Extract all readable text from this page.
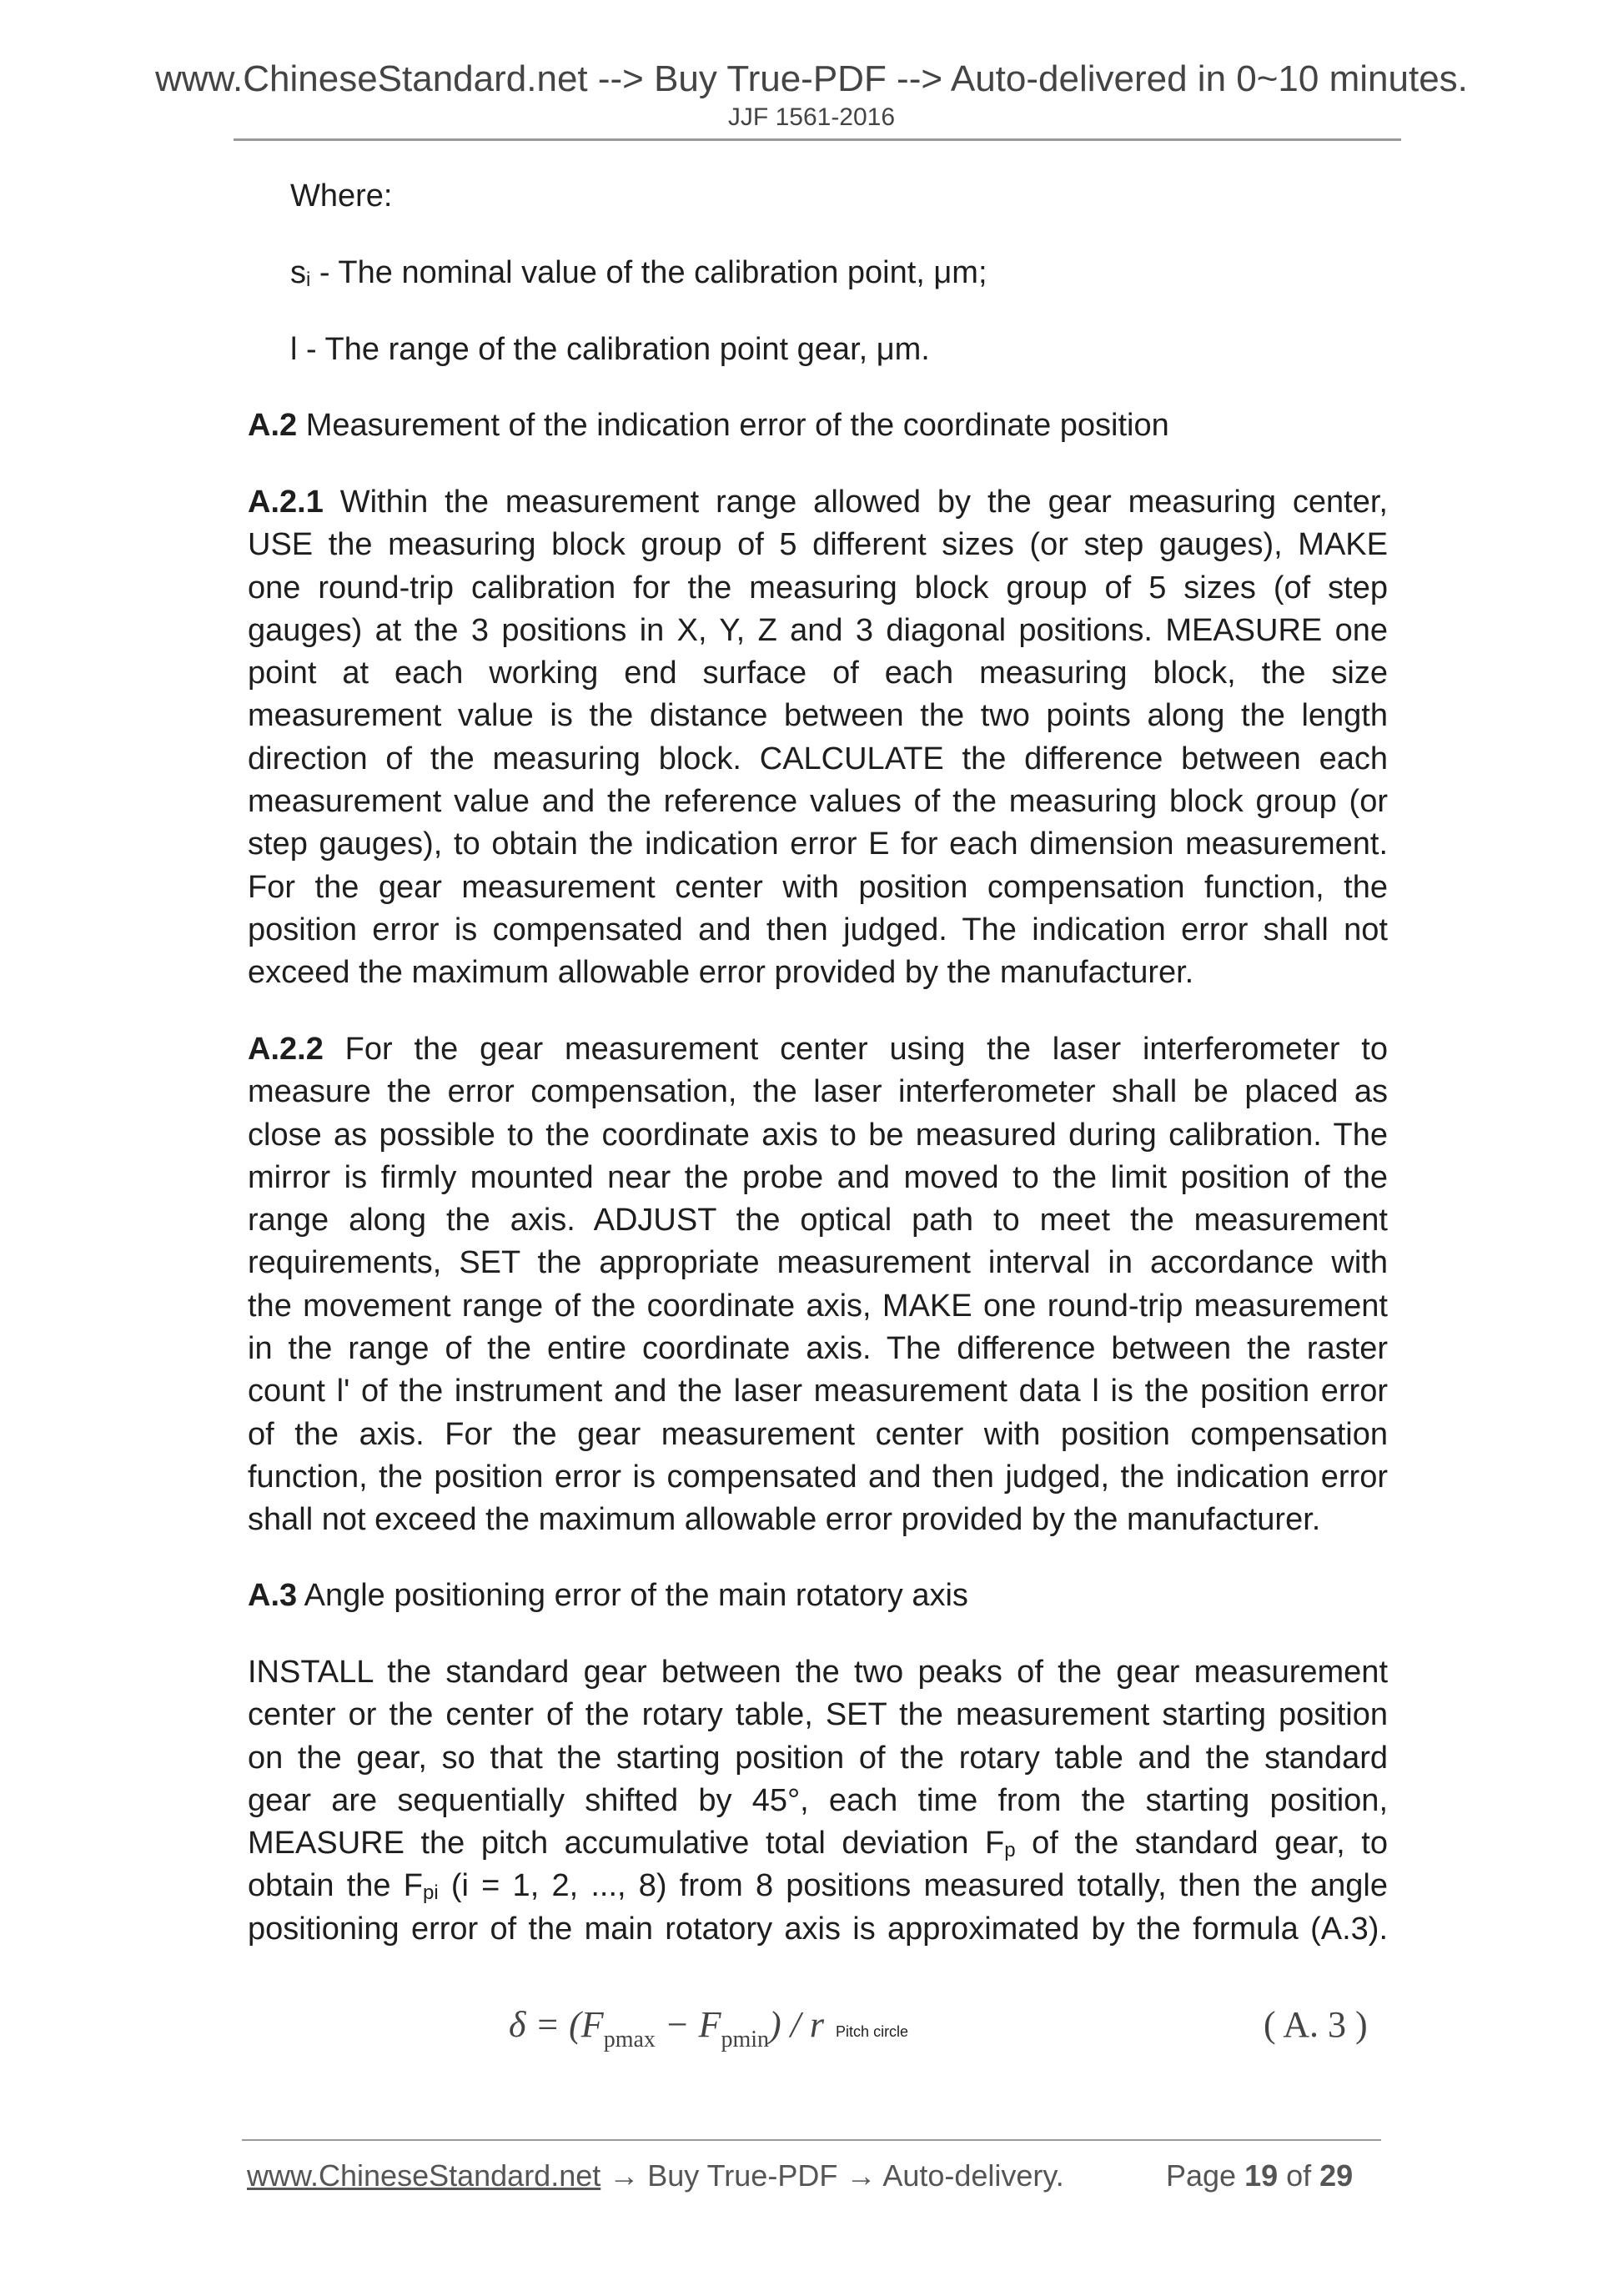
www.ChineseStandard.net --> Buy True-PDF --> Auto-delivered in 0~10 minutes.
JJF 1561-2016
Where:
$s_i$ - The nominal value of the calibration point, μm;
l - The range of the calibration point gear, μm.
A.2 Measurement of the indication error of the coordinate position
A.2.1 Within the measurement range allowed by the gear measuring center,
USE the measuring block group of 5 different sizes (or step gauges), MAKE
one round-trip calibration for the measuring block group of 5 sizes (of step
gauges) at the 3 positions in X, Y, Z and 3 diagonal positions. MEASURE one
point at each working end surface of each measuring block, the size
measurement value is the distance between the two points along the length
direction of the measuring block. CALCULATE the difference between each
measurement value and the reference values of the measuring block group (or
step gauges), to obtain the indication error E for each dimension measurement.
For the gear measurement center with position compensation function, the
position error is compensated and then judged. The indication error shall not
exceed the maximum allowable error provided by the manufacturer.
A.2.2 For the gear measurement center using the laser interferometer to
measure the error compensation, the laser interferometer shall be placed as
close as possible to the coordinate axis to be measured during calibration. The
mirror is firmly mounted near the probe and moved to the limit position of the
range along the axis. ADJUST the optical path to meet the measurement
requirements, SET the appropriate measurement interval in accordance with
the movement range of the coordinate axis, MAKE one round-trip measurement
in the range of the entire coordinate axis. The difference between the raster
count l' of the instrument and the laser measurement data l is the position error
of the axis. For the gear measurement center with position compensation
function, the position error is compensated and then judged, the indication error
shall not exceed the maximum allowable error provided by the manufacturer.
A.3 Angle positioning error of the main rotatory axis
INSTALL the standard gear between the two peaks of the gear measurement
center or the center of the rotary table, SET the measurement starting position
on the gear, so that the starting position of the rotary table and the standard
gear are sequentially shifted by 45°, each time from the starting position,
MEASURE the pitch accumulative total deviation $F_p$ of the standard gear, to
obtain the $F_{pi}$ (i = 1, 2, ..., 8) from 8 positions measured totally, then the angle
positioning error of the main rotatory axis is approximated by the formula (A.3).
$\delta = (F_{pmax} - F_{pmin}) / r$ Pitch circle	( A. 3 )
www.ChineseStandard.net → Buy True-PDF → Auto-delivery.	Page 19 of 29
